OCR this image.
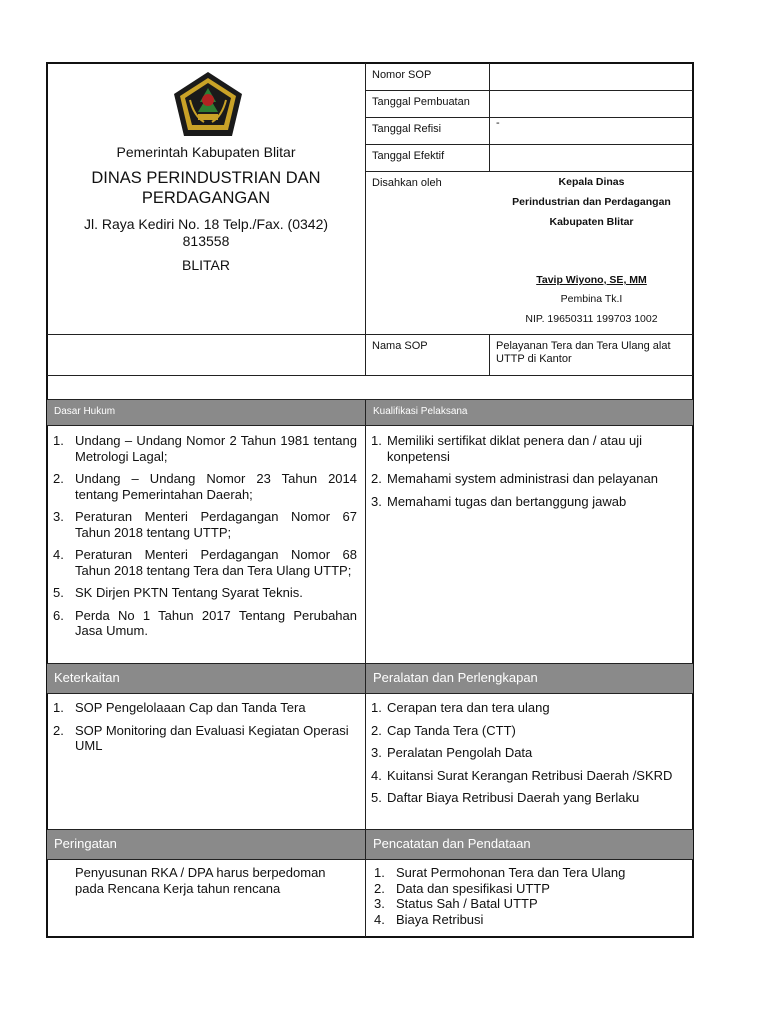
Pemerintah Kabupaten Blitar
DINAS PERINDUSTRIAN DAN
PERDAGANGAN
Jl. Raya Kediri No. 18 Telp./Fax. (0342)
813558
BLITAR
Nomor SOP
Tanggal Pembuatan
Tanggal Refisi	-
Tanggal Efektif
Disahkan oleh	Kepala Dinas
Perindustrian dan Perdagangan
Kabupaten Blitar
Tavip Wiyono, SE, MM
Pembina Tk.I
NIP. 19650311 199703 1002
Nama SOP	Pelayanan Tera dan Tera Ulang alat UTTP di Kantor
Dasar Hukum	Kualifikasi Pelaksana
1. Undang – Undang Nomor 2 Tahun 1981 tentang Metrologi Lagal;
2. Undang – Undang Nomor 23 Tahun 2014 tentang Pemerintahan Daerah;
3. Peraturan Menteri Perdagangan Nomor 67 Tahun 2018 tentang UTTP;
4. Peraturan Menteri Perdagangan Nomor 68 Tahun 2018 tentang Tera dan Tera Ulang UTTP;
5. SK Dirjen PKTN Tentang Syarat Teknis.
6. Perda No 1 Tahun 2017 Tentang Perubahan Jasa Umum.
1. Memiliki sertifikat diklat penera dan / atau uji konpetensi
2. Memahami system administrasi dan pelayanan
3. Memahami tugas dan bertanggung jawab
Keterkaitan	Peralatan dan Perlengkapan
1. SOP Pengelolaaan Cap dan Tanda Tera
2. SOP Monitoring dan Evaluasi Kegiatan Operasi UML
1. Cerapan tera dan tera ulang
2. Cap Tanda Tera (CTT)
3. Peralatan Pengolah Data
4. Kuitansi Surat Kerangan Retribusi Daerah /SKRD
5. Daftar Biaya Retribusi Daerah yang Berlaku
Peringatan	Pencatatan dan Pendataan
Penyusunan RKA / DPA harus berpedoman pada Rencana Kerja tahun rencana
1. Surat Permohonan Tera dan Tera Ulang
2. Data dan spesifikasi UTTP
3. Status Sah / Batal UTTP
4. Biaya Retribusi
